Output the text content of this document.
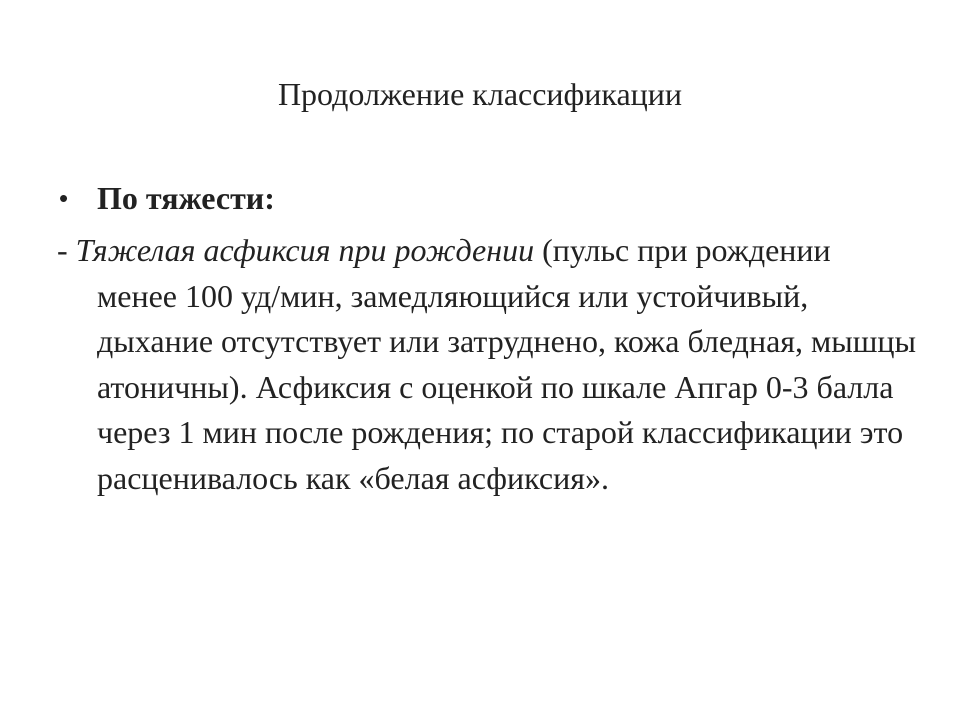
Продолжение классификации
• По тяжести:
- Тяжелая асфиксия при рождении (пульс при рождении менее 100 уд/мин, замедляющийся или устойчивый, дыхание отсутствует или затруднено, кожа бледная, мышцы атоничны). Асфиксия с оценкой по шкале Апгар 0-3 балла через 1 мин после рождения; по старой классификации это расценивалось как «белая асфиксия».
